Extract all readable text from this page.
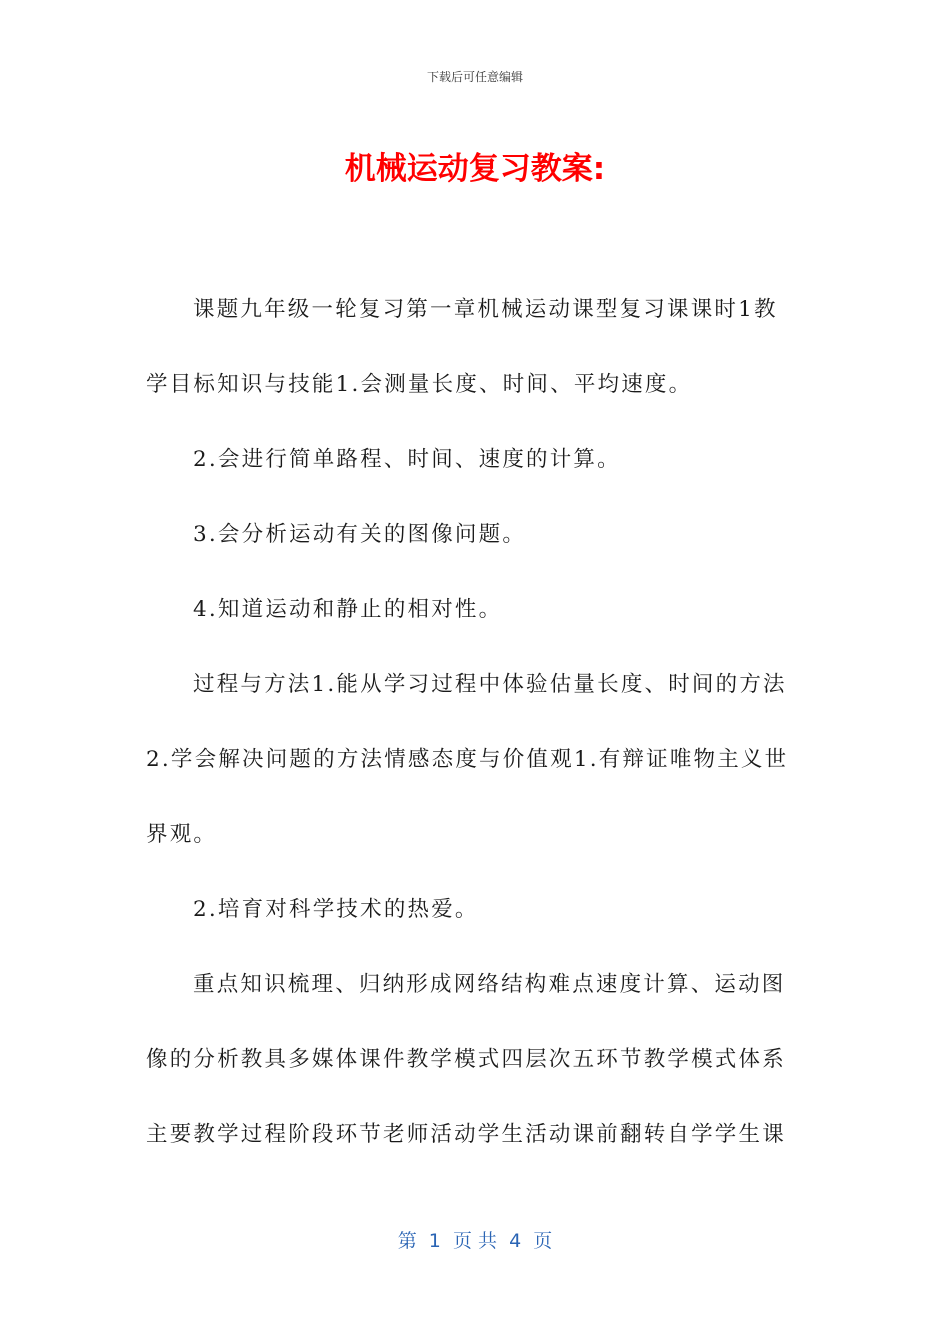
下载后可任意编辑
机械运动复习教案:

课题九年级一轮复习第一章机械运动课型复习课课时1教学目标知识与技能1.会测量长度、时间、平均速度。

2.会进行简单路程、时间、速度的计算。

3.会分析运动有关的图像问题。

4.知道运动和静止的相对性。

过程与方法1.能从学习过程中体验估量长度、时间的方法2.学会解决问题的方法情感态度与价值观1.有辩证唯物主义世界观。

2.培育对科学技术的热爱。

重点知识梳理、归纳形成网络结构难点速度计算、运动图像的分析教具多媒体课件教学模式四层次五环节教学模式体系主要教学过程阶段环节老师活动学生活动课前翻转自学学生课

第  1  页 共  4  页
